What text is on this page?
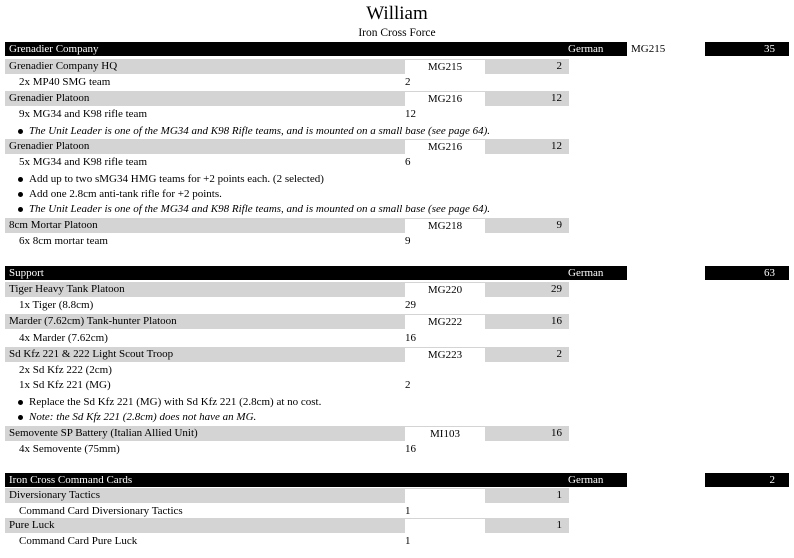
William
Iron Cross Force
Grenadier Company	German	MG215	35
Grenadier Company HQ	MG215	2
2x MP40 SMG team	2
Grenadier Platoon	MG216	12
9x MG34 and K98 rifle team	12
The Unit Leader is one of the MG34 and K98 Rifle teams, and is mounted on a small base (see page 64).
Grenadier Platoon	MG216	12
5x MG34 and K98 rifle team	6
Add up to two sMG34 HMG teams for +2 points each. (2 selected)
Add one 2.8cm anti-tank rifle for +2 points.
The Unit Leader is one of the MG34 and K98 Rifle teams, and is mounted on a small base (see page 64).
8cm Mortar Platoon	MG218	9
6x 8cm mortar team	9
Support	German	63
Tiger Heavy Tank Platoon	MG220	29
1x Tiger (8.8cm)	29
Marder (7.62cm) Tank-hunter Platoon	MG222	16
4x Marder (7.62cm)	16
Sd Kfz 221 & 222 Light Scout Troop	MG223	2
2x Sd Kfz 222 (2cm)
1x Sd Kfz 221 (MG)	2
Replace the Sd Kfz 221 (MG) with Sd Kfz 221 (2.8cm) at no cost.
Note: the Sd Kfz 221 (2.8cm) does not have an MG.
Semovente SP Battery (Italian Allied Unit)	MI103	16
4x Semovente (75mm)	16
Iron Cross Command Cards	German	2
Diversionary Tactics	1
Command Card Diversionary Tactics	1
Pure Luck	1
Command Card Pure Luck	1
